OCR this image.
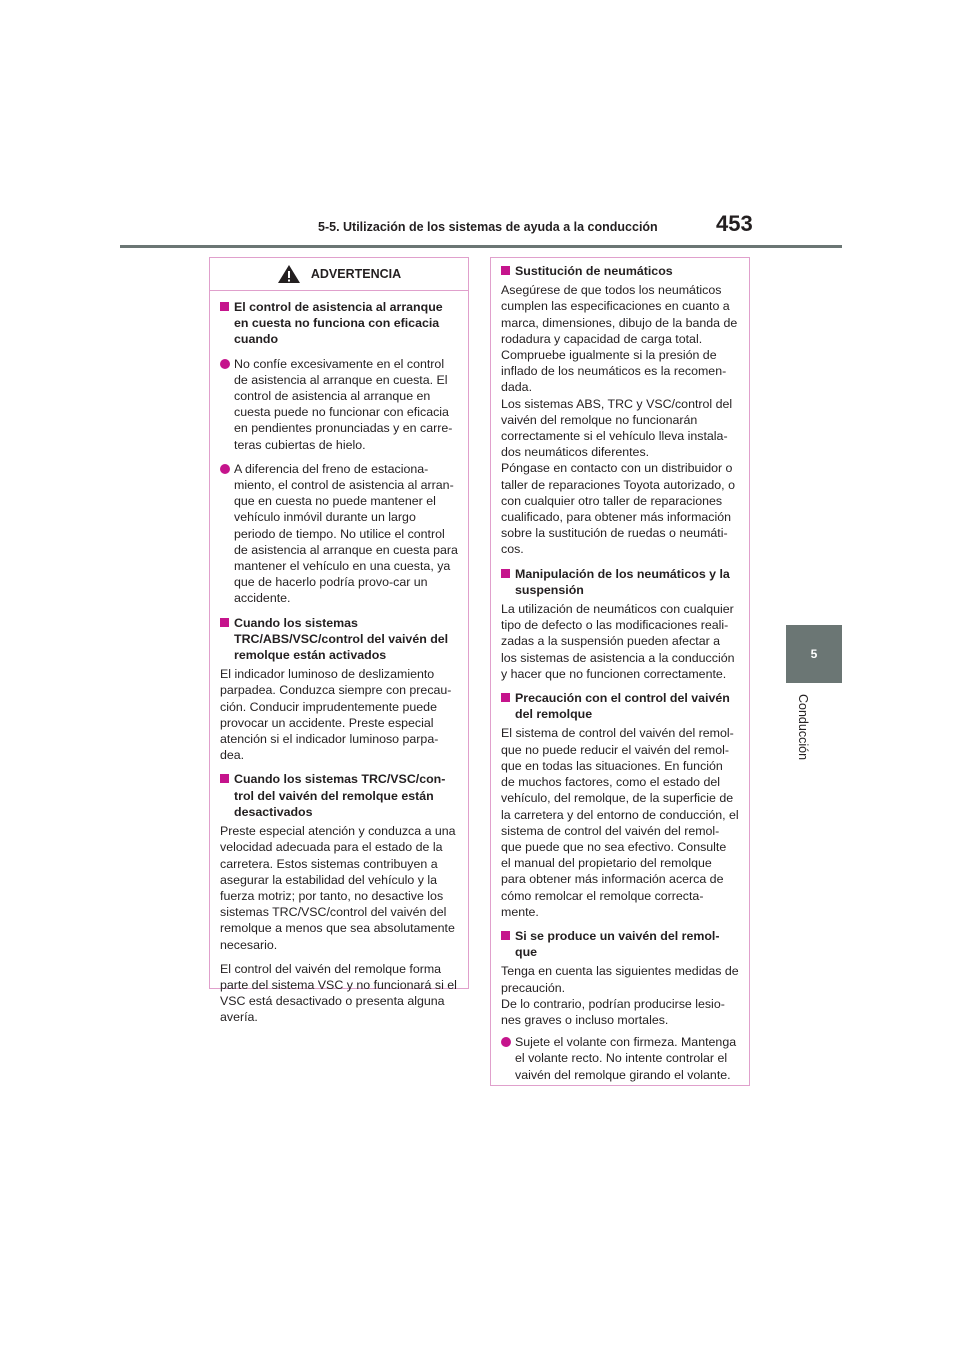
5-5. Utilización de los sistemas de ayuda a la conducción	453
5
Conducción
ADVERTENCIA
El control de asistencia al arranque en cuesta no funciona con eficacia cuando
No confíe excesivamente en el control de asistencia al arranque en cuesta. El control de asistencia al arranque en cuesta puede no funcionar con eficacia en pendientes pronunciadas y en carre-teras cubiertas de hielo.
A diferencia del freno de estaciona-miento, el control de asistencia al arran-que en cuesta no puede mantener el vehículo inmóvil durante un largo periodo de tiempo. No utilice el control de asistencia al arranque en cuesta para mantener el vehículo en una cuesta, ya que de hacerlo podría provo-car un accidente.
Cuando los sistemas TRC/ABS/VSC/control del vaivén del remolque están activados
El indicador luminoso de deslizamiento parpadea. Conduzca siempre con precau-ción. Conducir imprudentemente puede provocar un accidente. Preste especial atención si el indicador luminoso parpa-dea.
Cuando los sistemas TRC/VSC/con-trol del vaivén del remolque están desactivados
Preste especial atención y conduzca a una velocidad adecuada para el estado de la carretera. Estos sistemas contribuyen a asegurar la estabilidad del vehículo y la fuerza motriz; por tanto, no desactive los sistemas TRC/VSC/control del vaivén del remolque a menos que sea absolutamente necesario.
El control del vaivén del remolque forma parte del sistema VSC y no funcionará si el VSC está desactivado o presenta alguna avería.
Sustitución de neumáticos
Asegúrese de que todos los neumáticos cumplen las especificaciones en cuanto a marca, dimensiones, dibujo de la banda de rodadura y capacidad de carga total. Compruebe igualmente si la presión de inflado de los neumáticos es la recomen-dada.
Los sistemas ABS, TRC y VSC/control del vaivén del remolque no funcionarán correctamente si el vehículo lleva instala-dos neumáticos diferentes.
Póngase en contacto con un distribuidor o taller de reparaciones Toyota autorizado, o con cualquier otro taller de reparaciones cualificado, para obtener más información sobre la sustitución de ruedas o neumáti-cos.
Manipulación de los neumáticos y la suspensión
La utilización de neumáticos con cualquier tipo de defecto o las modificaciones reali-zadas a la suspensión pueden afectar a los sistemas de asistencia a la conducción y hacer que no funcionen correctamente.
Precaución con el control del vaivén del remolque
El sistema de control del vaivén del remol-que no puede reducir el vaivén del remol-que en todas las situaciones. En función de muchos factores, como el estado del vehículo, del remolque, de la superficie de la carretera y del entorno de conducción, el sistema de control del vaivén del remol-que puede que no sea efectivo. Consulte el manual del propietario del remolque para obtener más información acerca de cómo remolcar el remolque correcta-mente.
Si se produce un vaivén del remol-que
Tenga en cuenta las siguientes medidas de precaución.
De lo contrario, podrían producirse lesio-nes graves o incluso mortales.
Sujete el volante con firmeza. Mantenga el volante recto. No intente controlar el vaivén del remolque girando el volante.
